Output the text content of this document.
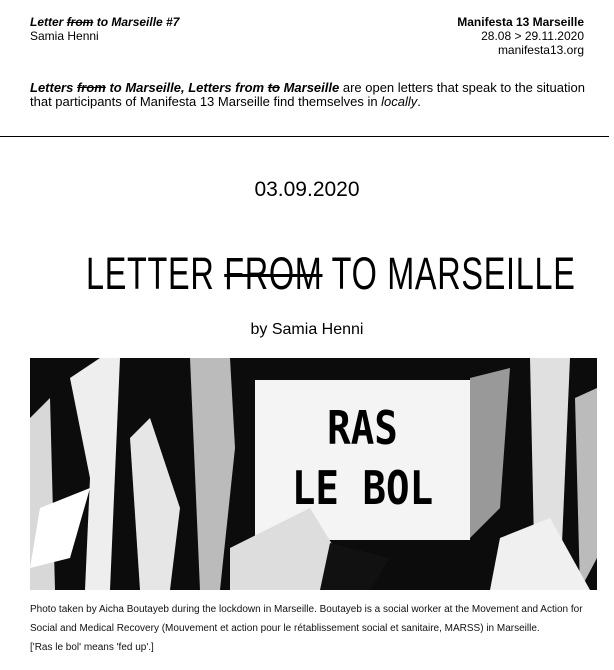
Letter from to Marseille #7
Samia Henni
Manifesta 13 Marseille
28.08 > 29.11.2020
manifesta13.org
Letters from to Marseille, Letters from to Marseille are open letters that speak to the situation that participants of Manifesta 13 Marseille find themselves in locally.
03.09.2020
LETTER FROM TO MARSEILLE
by Samia Henni
RAS
LE BOL
Photo taken by Aicha Boutayeb during the lockdown in Marseille. Boutayeb is a social worker at the Movement and Action for Social and Medical Recovery (Mouvement et action pour le rétablissement social et sanitaire, MARSS) in Marseille.
['Ras le bol' means 'fed up'.]
